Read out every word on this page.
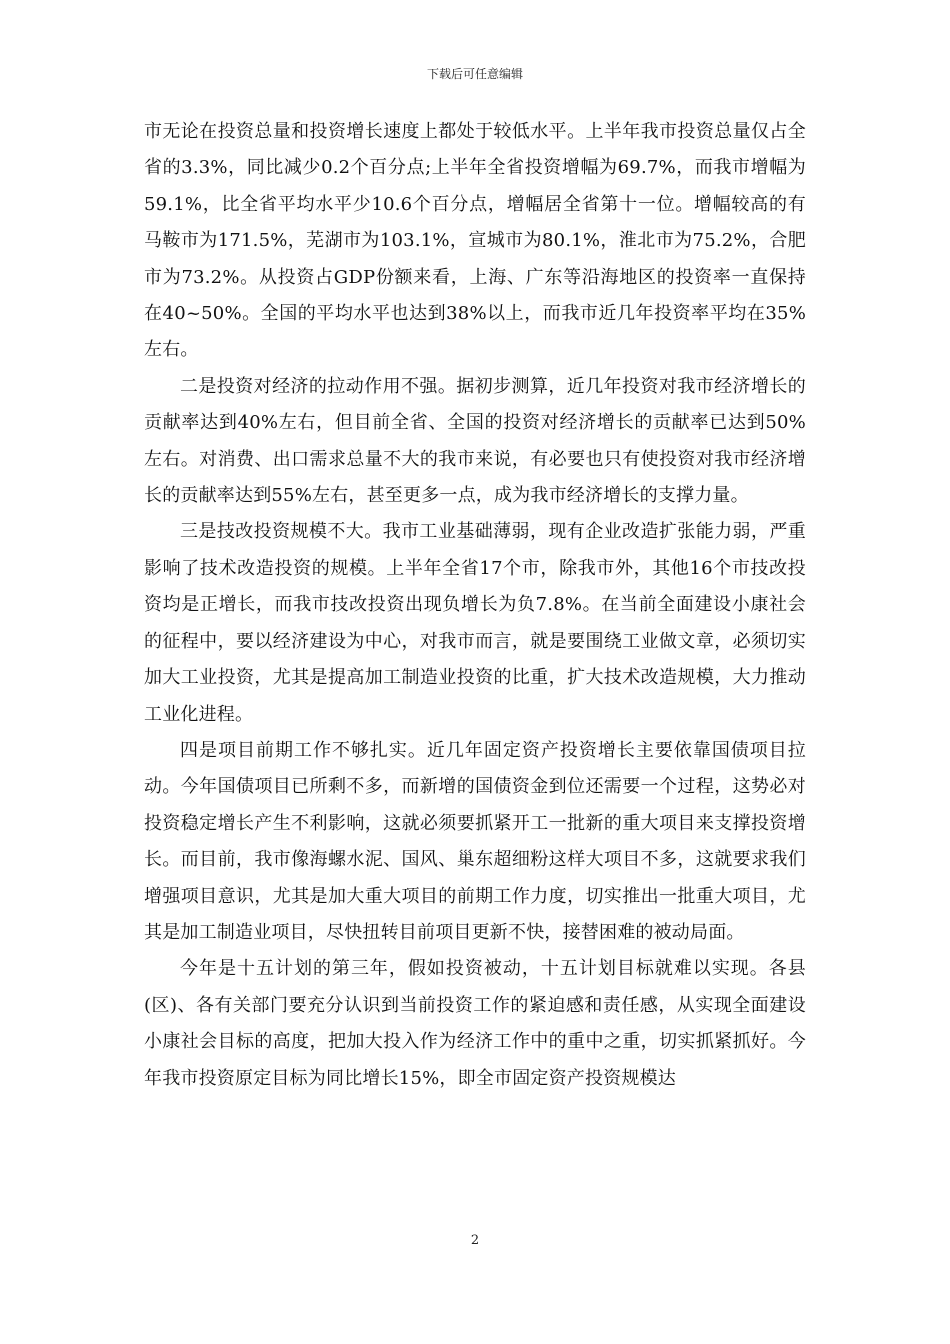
下载后可任意编辑

市无论在投资总量和投资增长速度上都处于较低水平。上半年我市投资总量仅占全省的3.3%，同比减少0.2个百分点;上半年全省投资增幅为69.7%，而我市增幅为59.1%，比全省平均水平少10.6个百分点，增幅居全省第十一位。增幅较高的有马鞍市为171.5%，芜湖市为103.1%，宣城市为80.1%，淮北市为75.2%，合肥市为73.2%。从投资占GDP份额来看，上海、广东等沿海地区的投资率一直保持在40~50%。全国的平均水平也达到38%以上，而我市近几年投资率平均在35%左右。

二是投资对经济的拉动作用不强。据初步测算，近几年投资对我市经济增长的贡献率达到40%左右，但目前全省、全国的投资对经济增长的贡献率已达到50%左右。对消费、出口需求总量不大的我市来说，有必要也只有使投资对我市经济增长的贡献率达到55%左右，甚至更多一点，成为我市经济增长的支撑力量。

三是技改投资规模不大。我市工业基础薄弱，现有企业改造扩张能力弱，严重影响了技术改造投资的规模。上半年全省17个市，除我市外，其他16个市技改投资均是正增长，而我市技改投资出现负增长为负7.8%。在当前全面建设小康社会的征程中，要以经济建设为中心，对我市而言，就是要围绕工业做文章，必须切实加大工业投资，尤其是提高加工制造业投资的比重，扩大技术改造规模，大力推动工业化进程。

四是项目前期工作不够扎实。近几年固定资产投资增长主要依靠国债项目拉动。今年国债项目已所剩不多，而新增的国债资金到位还需要一个过程，这势必对投资稳定增长产生不利影响，这就必须要抓紧开工一批新的重大项目来支撑投资增长。而目前，我市像海螺水泥、国风、巢东超细粉这样大项目不多，这就要求我们增强项目意识，尤其是加大重大项目的前期工作力度，切实推出一批重大项目，尤其是加工制造业项目，尽快扭转目前项目更新不快，接替困难的被动局面。

今年是十五计划的第三年，假如投资被动，十五计划目标就难以实现。各县(区)、各有关部门要充分认识到当前投资工作的紧迫感和责任感，从实现全面建设小康社会目标的高度，把加大投入作为经济工作中的重中之重，切实抓紧抓好。今年我市投资原定目标为同比增长15%，即全市固定资产投资规模达

2
